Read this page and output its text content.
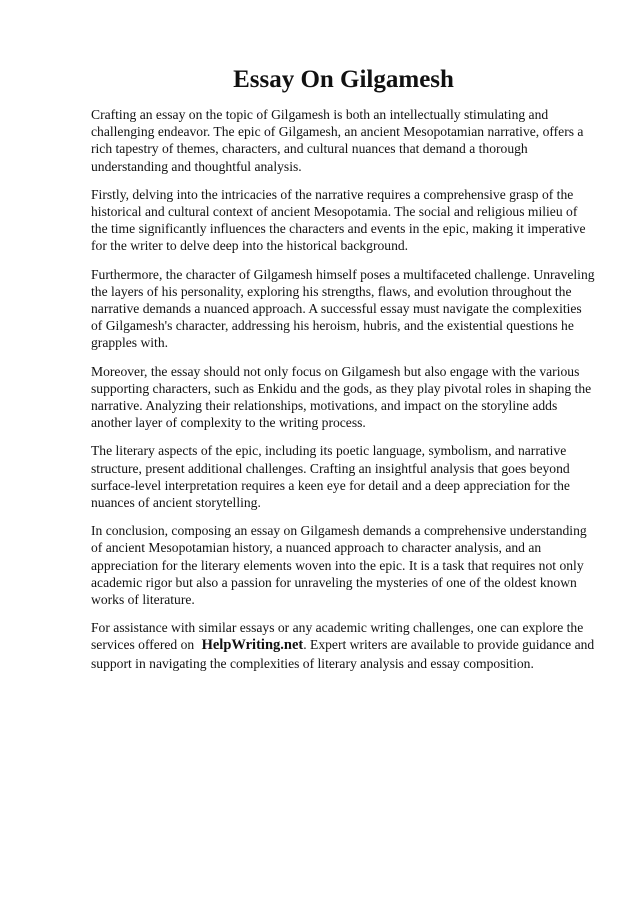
Essay On Gilgamesh

Crafting an essay on the topic of Gilgamesh is both an intellectually stimulating and challenging endeavor. The epic of Gilgamesh, an ancient Mesopotamian narrative, offers a rich tapestry of themes, characters, and cultural nuances that demand a thorough understanding and thoughtful analysis.

Firstly, delving into the intricacies of the narrative requires a comprehensive grasp of the historical and cultural context of ancient Mesopotamia. The social and religious milieu of the time significantly influences the characters and events in the epic, making it imperative for the writer to delve deep into the historical background.

Furthermore, the character of Gilgamesh himself poses a multifaceted challenge. Unraveling the layers of his personality, exploring his strengths, flaws, and evolution throughout the narrative demands a nuanced approach. A successful essay must navigate the complexities of Gilgamesh's character, addressing his heroism, hubris, and the existential questions he grapples with.

Moreover, the essay should not only focus on Gilgamesh but also engage with the various supporting characters, such as Enkidu and the gods, as they play pivotal roles in shaping the narrative. Analyzing their relationships, motivations, and impact on the storyline adds another layer of complexity to the writing process.

The literary aspects of the epic, including its poetic language, symbolism, and narrative structure, present additional challenges. Crafting an insightful analysis that goes beyond surface-level interpretation requires a keen eye for detail and a deep appreciation for the nuances of ancient storytelling.

In conclusion, composing an essay on Gilgamesh demands a comprehensive understanding of ancient Mesopotamian history, a nuanced approach to character analysis, and an appreciation for the literary elements woven into the epic. It is a task that requires not only academic rigor but also a passion for unraveling the mysteries of one of the oldest known works of literature.

For assistance with similar essays or any academic writing challenges, one can explore the services offered on HelpWriting.net. Expert writers are available to provide guidance and support in navigating the complexities of literary analysis and essay composition.
